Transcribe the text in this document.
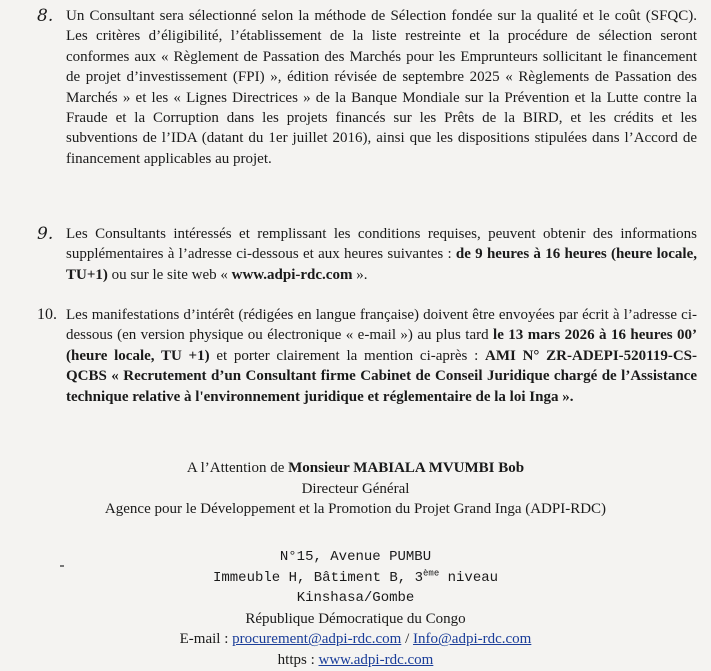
8. Un Consultant sera sélectionné selon la méthode de Sélection fondée sur la qualité et le coût (SFQC). Les critères d’éligibilité, l’établissement de la liste restreinte et la procédure de sélection seront conformes aux « Règlement de Passation des Marchés pour les Emprunteurs sollicitant le financement de projet d’investissement (FPI) », édition révisée de septembre 2025 « Règlements de Passation des Marchés » et les « Lignes Directrices » de la Banque Mondiale sur la Prévention et la Lutte contre la Fraude et la Corruption dans les projets financés sur les Prêts de la BIRD, et les crédits et les subventions de l’IDA (datant du 1er juillet 2016), ainsi que les dispositions stipulées dans l’Accord de financement applicables au projet.
9. Les Consultants intéressés et remplissant les conditions requises, peuvent obtenir des informations supplémentaires à l’adresse ci-dessous et aux heures suivantes : de 9 heures à 16 heures (heure locale, TU+1) ou sur le site web « www.adpi-rdc.com ».
10. Les manifestations d’intérêt (rédigées en langue française) doivent être envoyées par écrit à l’adresse ci-dessous (en version physique ou électronique « e-mail ») au plus tard le 13 mars 2026 à 16 heures 00’ (heure locale, TU +1) et porter clairement la mention ci-après : AMI N° ZR-ADEPI-520119-CS-QCBS « Recrutement d’un Consultant firme Cabinet de Conseil Juridique chargé de l’Assistance technique relative à l'environnement juridique et réglementaire de la loi Inga ».
A l’Attention de Monsieur MABIALA MVUMBI Bob
Directeur Général
Agence pour le Développement et la Promotion du Projet Grand Inga (ADPI-RDC)
N°15, Avenue PUMBU
Immeuble H, Bâtiment B, 3ème niveau
Kinshasa/Gombe
République Démocratique du Congo
E-mail : procurement@adpi-rdc.com / Info@adpi-rdc.com
https : www.adpi-rdc.com
